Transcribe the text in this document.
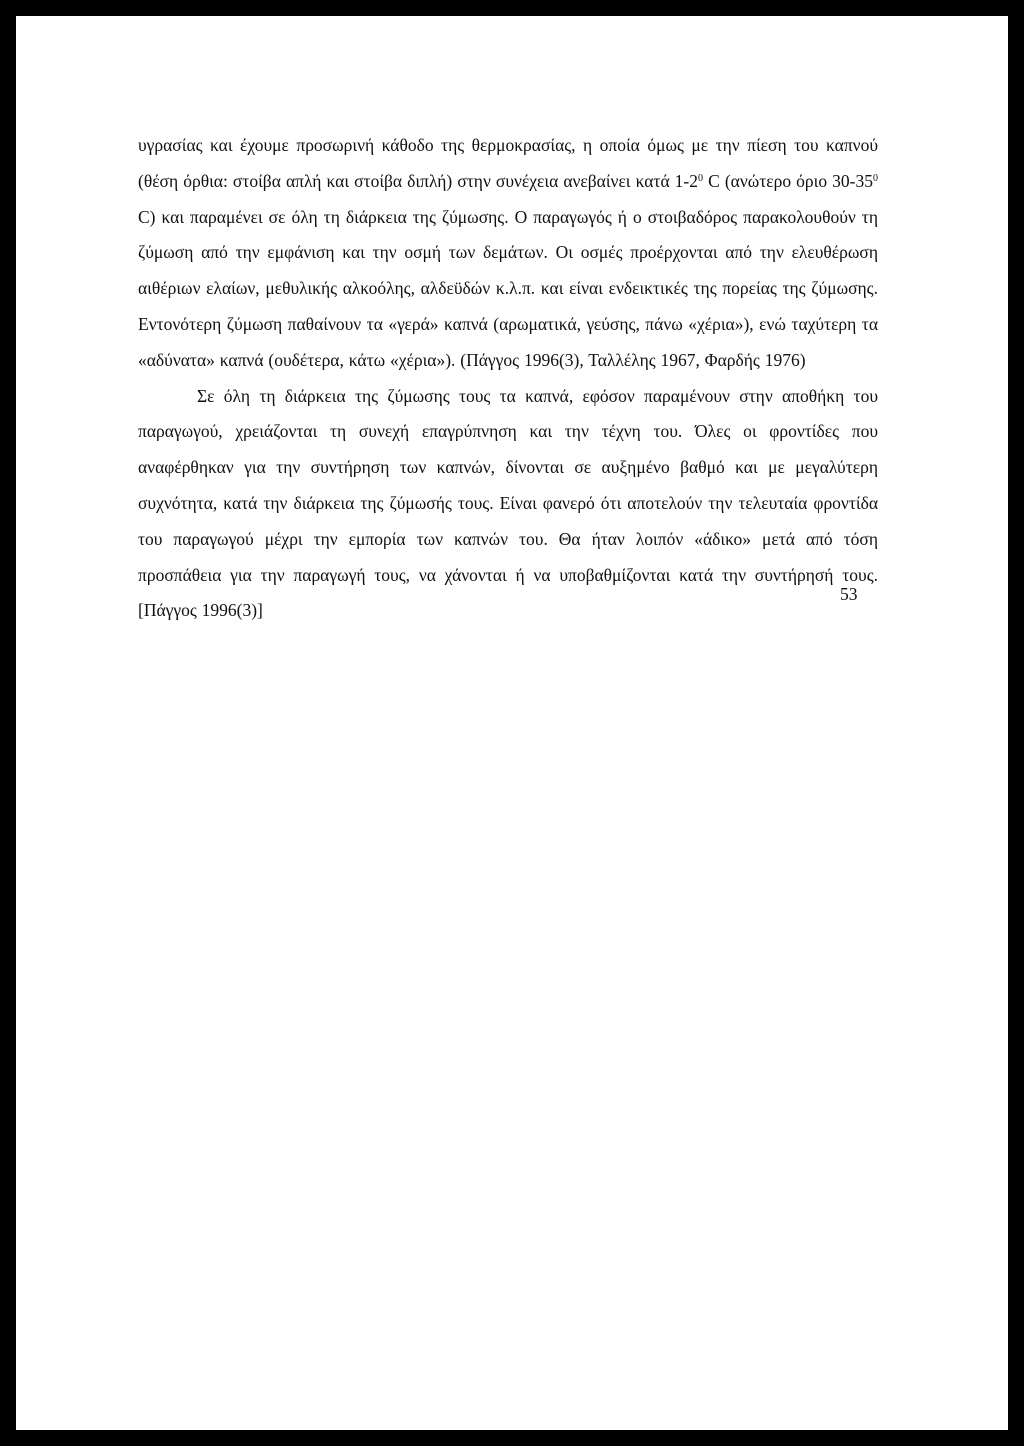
υγρασίας και έχουμε προσωρινή κάθοδο της θερμοκρασίας, η οποία όμως με την πίεση του καπνού (θέση όρθια: στοίβα απλή και στοίβα διπλή) στην συνέχεια ανεβαίνει κατά $1-2^0$ C (ανώτερο όριο $30-35^0$ C) και παραμένει σε όλη τη διάρκεια της ζύμωσης. Ο παραγωγός ή ο στοιβαδόρος παρακολουθούν τη ζύμωση από την εμφάνιση και την οσμή των δεμάτων. Οι οσμές προέρχονται από την ελευθέρωση αιθέριων ελαίων, μεθυλικής αλκοόλης, αλδεϋδών κ.λ.π. και είναι ενδεικτικές της πορείας της ζύμωσης. Εντονότερη ζύμωση παθαίνουν τα «γερά» καπνά (αρωματικά, γεύσης, πάνω «χέρια»), ενώ ταχύτερη τα «αδύνατα» καπνά (ουδέτερα, κάτω «χέρια»). (Πάγγος 1996(3), Ταλλέλης 1967, Φαρδής 1976)

Σε όλη τη διάρκεια της ζύμωσης τους τα καπνά, εφόσον παραμένουν στην αποθήκη του παραγωγού, χρειάζονται τη συνεχή επαγρύπνηση και την τέχνη του. Όλες οι φροντίδες που αναφέρθηκαν για την συντήρηση των καπνών, δίνονται σε αυξημένο βαθμό και με μεγαλύτερη συχνότητα, κατά την διάρκεια της ζύμωσής τους. Είναι φανερό ότι αποτελούν την τελευταία φροντίδα του παραγωγού μέχρι την εμπορία των καπνών του. Θα ήταν λοιπόν «άδικο» μετά από τόση προσπάθεια για την παραγωγή τους, να χάνονται ή να υποβαθμίζονται κατά την συντήρησή τους. [Πάγγος 1996(3)]

53
